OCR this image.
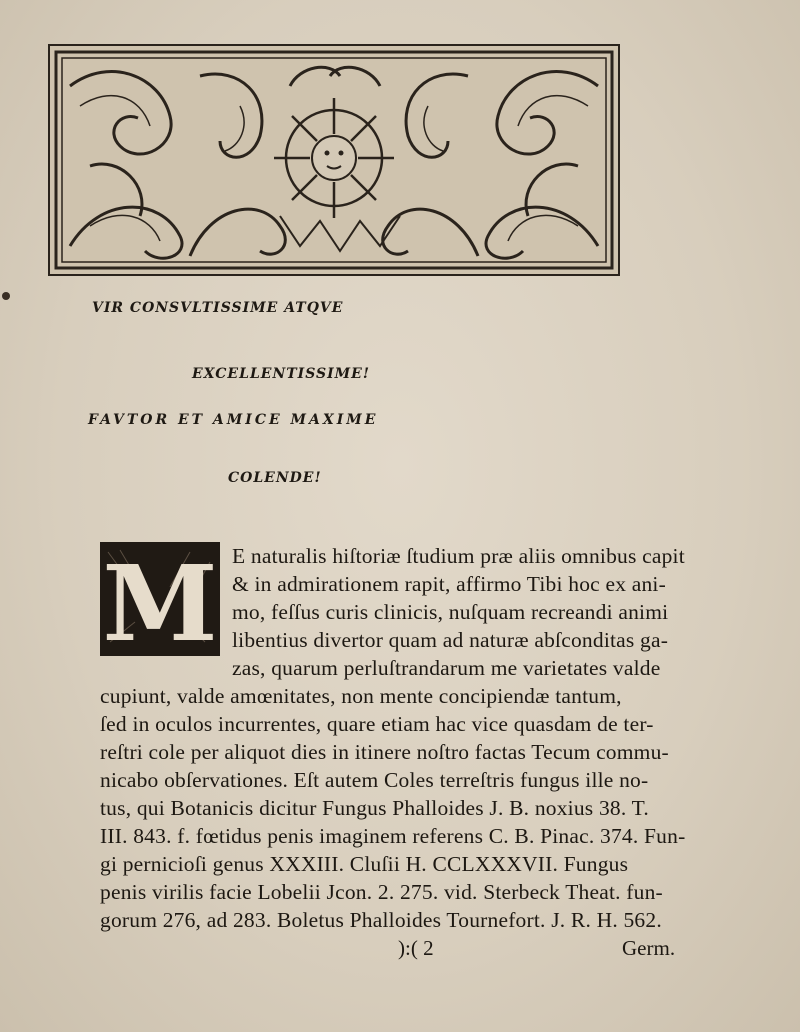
VIR CONSVLTISSIME ATQVE
EXCELLENTISSIME!
FAVTOR ET AMICE MAXIME
COLENDE!
M E naturalis hiſtoriæ ſtudium præ aliis omnibus capit
& in admirationem rapit, affirmo Tibi hoc ex ani-
mo, feſſus curis clinicis, nuſquam recreandi animi
libentius divertor quam ad naturæ abſconditas ga-
zas, quarum perluſtrandarum me varietates valde
cupiunt, valde amœnitates, non mente concipiendæ tantum,
ſed in oculos incurrentes, quare etiam hac vice quasdam de ter-
reſtri cole per aliquot dies in itinere noſtro factas Tecum commu-
nicabo obſervationes. Eſt autem Coles terreſtris fungus ille no-
tus, qui Botanicis dicitur Fungus Phalloides J. B. noxius 38. T.
III. 843. f. fœtidus penis imaginem referens C. B. Pinac. 374. Fun-
gi pernicioſi genus XXXIII. Cluſii H. CCLXXXVII. Fungus
penis virilis facie Lobelii Jcon. 2. 275. vid. Sterbeck Theat. fun-
gorum 276, ad 283. Boletus Phalloides Tournefort. J. R. H. 562.
):( 2	Germ.
